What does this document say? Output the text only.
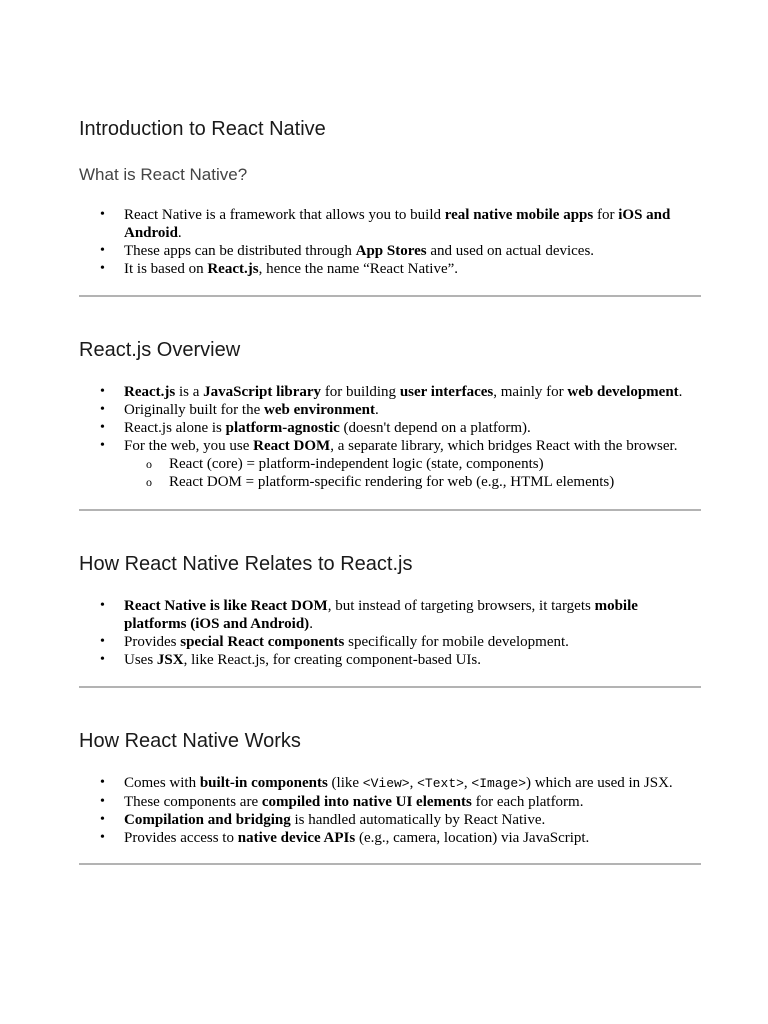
Introduction to React Native
What is React Native?
• React Native is a framework that allows you to build real native mobile apps for iOS and Android.
• These apps can be distributed through App Stores and used on actual devices.
• It is based on React.js, hence the name “React Native”.
React.js Overview
• React.js is a JavaScript library for building user interfaces, mainly for web development.
• Originally built for the web environment.
• React.js alone is platform-agnostic (doesn't depend on a platform).
• For the web, you use React DOM, a separate library, which bridges React with the browser.
o React (core) = platform-independent logic (state, components)
o React DOM = platform-specific rendering for web (e.g., HTML elements)
How React Native Relates to React.js
• React Native is like React DOM, but instead of targeting browsers, it targets mobile platforms (iOS and Android).
• Provides special React components specifically for mobile development.
• Uses JSX, like React.js, for creating component-based UIs.
How React Native Works
• Comes with built-in components (like <View>, <Text>, <Image>) which are used in JSX.
• These components are compiled into native UI elements for each platform.
• Compilation and bridging is handled automatically by React Native.
• Provides access to native device APIs (e.g., camera, location) via JavaScript.
